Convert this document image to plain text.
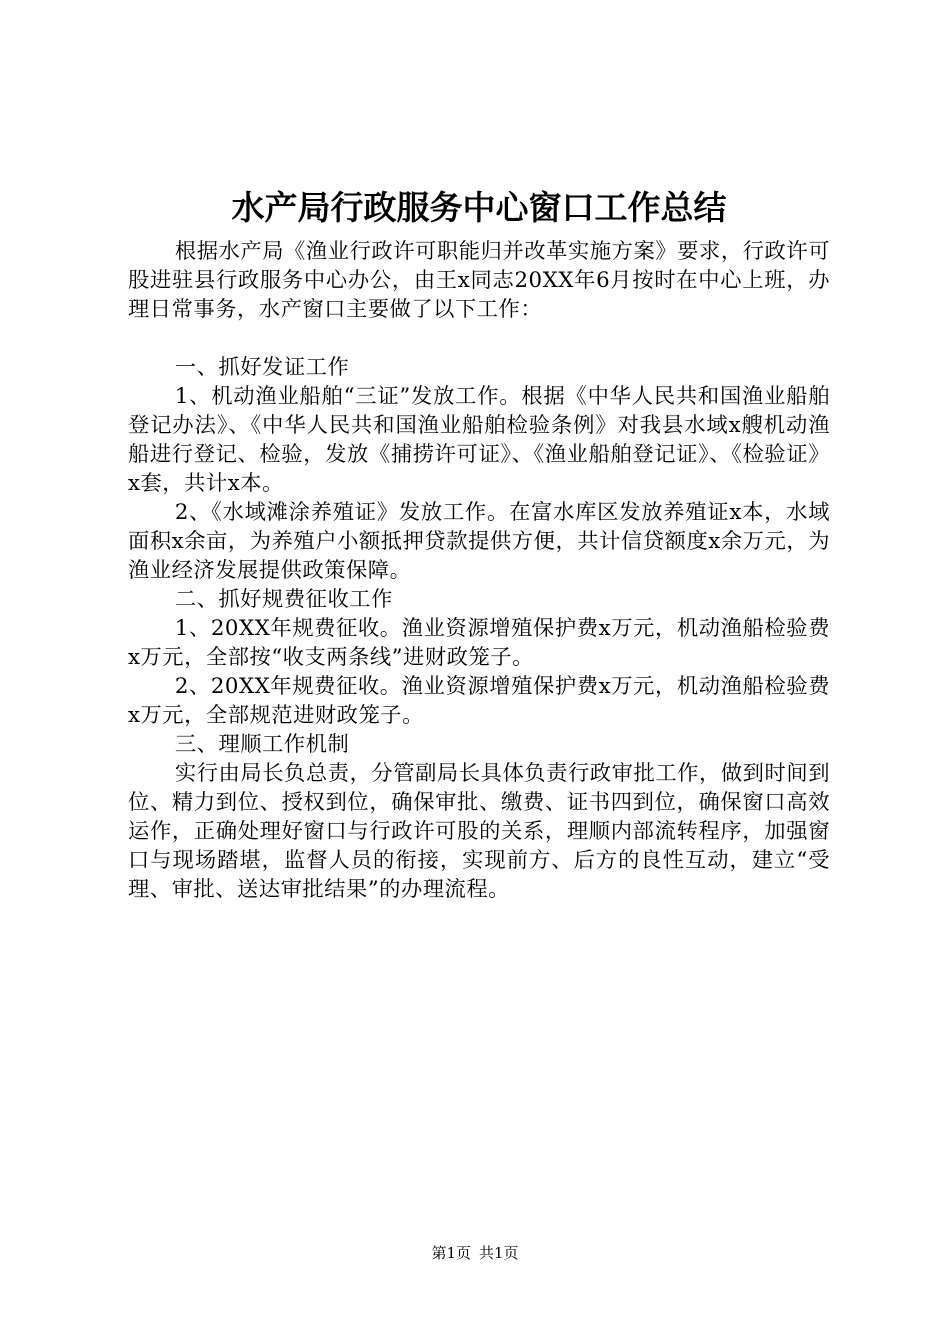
水产局行政服务中心窗口工作总结

根据水产局《渔业行政许可职能归并改革实施方案》要求，行政许可股进驻县行政服务中心办公，由王x同志20XX年6月按时在中心上班，办理日常事务，水产窗口主要做了以下工作：

一、抓好发证工作

1、机动渔业船舶“三证”发放工作。根据《中华人民共和国渔业船舶登记办法》、《中华人民共和国渔业船舶检验条例》对我县水域x艘机动渔船进行登记、检验，发放《捕捞许可证》、《渔业船舶登记证》、《检验证》x套，共计x本。

2、《水域滩涂养殖证》发放工作。在富水库区发放养殖证x本，水域面积x余亩，为养殖户小额抵押贷款提供方便，共计信贷额度x余万元，为渔业经济发展提供政策保障。

二、抓好规费征收工作

1、20XX年规费征收。渔业资源增殖保护费x万元，机动渔船检验费x万元，全部按“收支两条线”进财政笼子。

2、20XX年规费征收。渔业资源增殖保护费x万元，机动渔船检验费x万元，全部规范进财政笼子。

三、理顺工作机制

实行由局长负总责，分管副局长具体负责行政审批工作，做到时间到位、精力到位、授权到位，确保审批、缴费、证书四到位，确保窗口高效运作，正确处理好窗口与行政许可股的关系，理顺内部流转程序，加强窗口与现场踏堪，监督人员的衔接，实现前方、后方的良性互动，建立“受理、审批、送达审批结果”的办理流程。

第1页 共1页
